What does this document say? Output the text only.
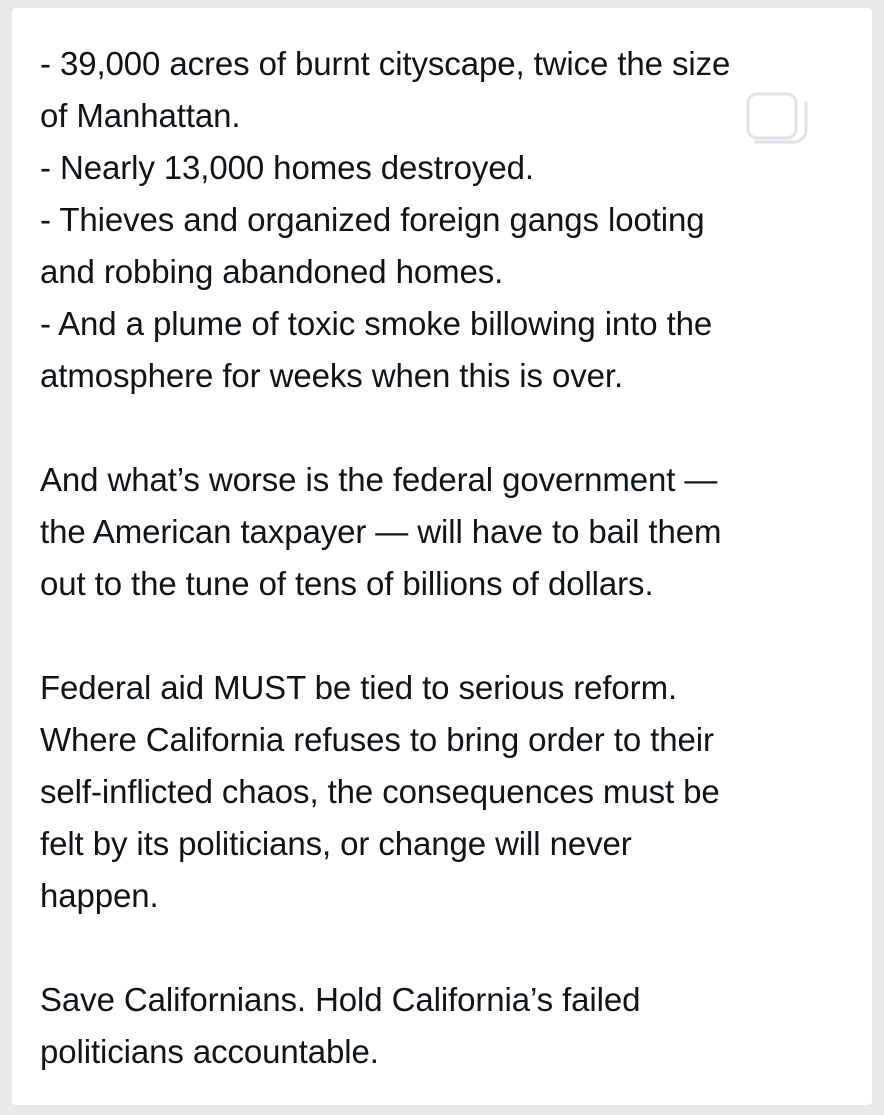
- 39,000 acres of burnt cityscape, twice the size
of Manhattan.
- Nearly 13,000 homes destroyed.
- Thieves and organized foreign gangs looting
and robbing abandoned homes.
- And a plume of toxic smoke billowing into the
atmosphere for weeks when this is over.
And what’s worse is the federal government —
the American taxpayer — will have to bail them
out to the tune of tens of billions of dollars.
Federal aid MUST be tied to serious reform.
Where California refuses to bring order to their
self-inflicted chaos, the consequences must be
felt by its politicians, or change will never
happen.
Save Californians. Hold California’s failed
politicians accountable.
